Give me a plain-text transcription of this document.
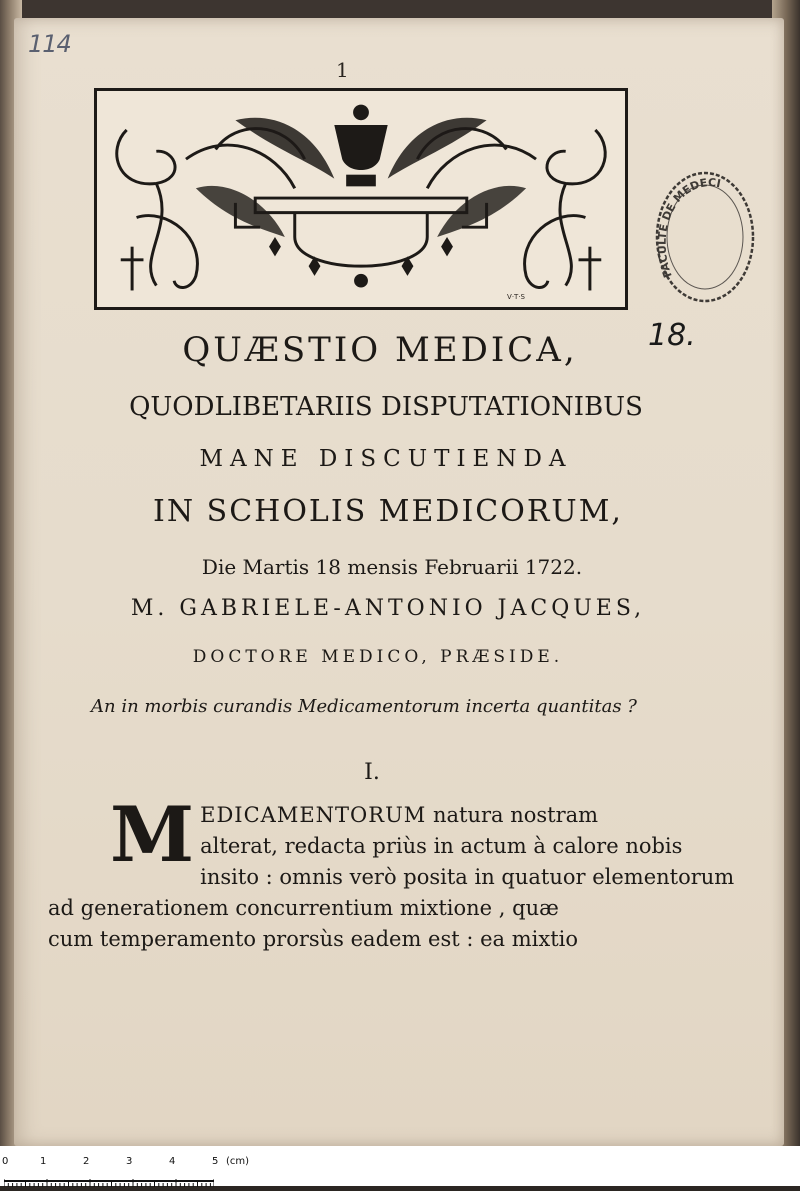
114
1
V·T·S
FACULTE DE MEDECI
18.
QUÆSTIO MEDICA,
QUODLIBETARIIS DISPUTATIONIBUS
MANE DISCUTIENDA
IN SCHOLIS MEDICORUM,
Die Martis 18 mensis Februarii 1722.
M. GABRIELE-ANTONIO JACQUES,
DOCTORE MEDICO, PRÆSIDE.
An in morbis curandis Medicamentorum incerta quantitas ?
I.
M EDICAMENTORUM natura nostram
alterat, redacta priùs in actum à calore nobis
insito : omnis verò posita in quatuor elementorum
ad generationem concurrentium mixtione , quæ
cum temperamento prorsùs eadem est : ea mixtio
0	1	2	3	4	5 (cm)
